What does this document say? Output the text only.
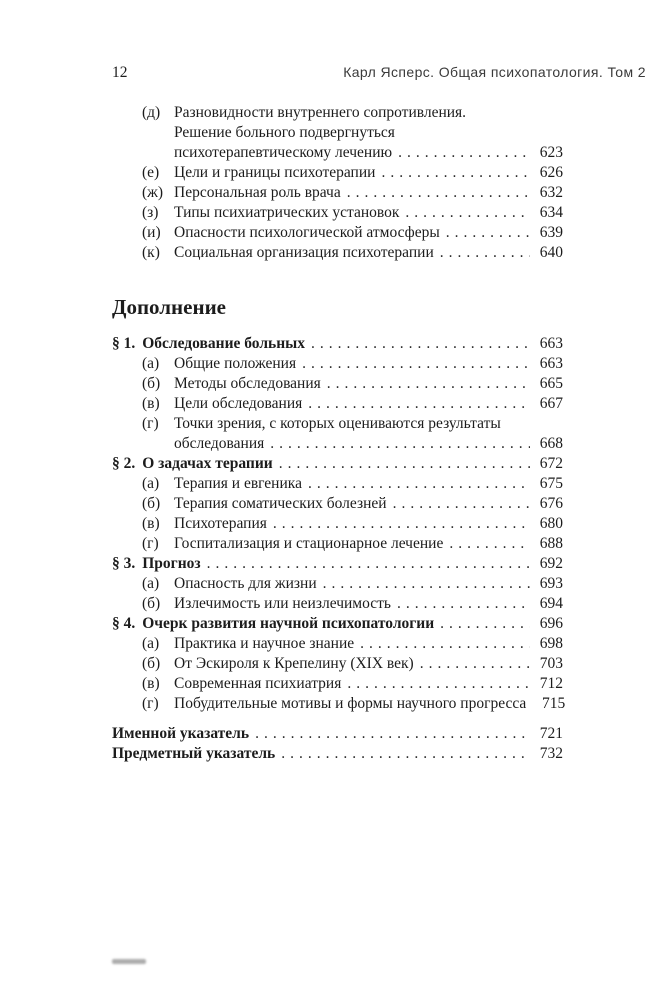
12	Карл Ясперс. Общая психопатология. Том 2
(д) Разновидности внутреннего сопротивления.
Решение больного подвергнуться
психотерапевтическому лечению .....	623
(е) Цели и границы психотерапии .....	626
(ж) Персональная роль врача .....	632
(з)	Типы психиатрических установок .....	634
(и) Опасности психологической атмосферы .....	639
(к) Социальная организация психотерапии .....	640
Дополнение
§ 1. Обследование больных .....	663
(а) Общие положения .....	663
(б) Методы обследования .....	665
(в) Цели обследования .....	667
(г) Точки зрения, с которых оцениваются результаты
обследования .....	668
§ 2. О задачах терапии .....	672
(а) Терапия и евгеника .....	675
(б) Терапия соматических болезней .....	676
(в) Психотерапия .....	680
(г) Госпитализация и стационарное лечение .....	688
§ 3. Прогноз .....	692
(а) Опасность для жизни .....	693
(б) Излечимость или неизлечимость .....	694
§ 4. Очерк развития научной психопатологии .....	696
(а) Практика и научное знание .....	698
(б) От Эскироля к Крепелину (XIX век) .....	703
(в) Современная психиатрия .....	712
(г) Побудительные мотивы и формы научного прогресса 715
Именной указатель .....	721
Предметный указатель .....	732
